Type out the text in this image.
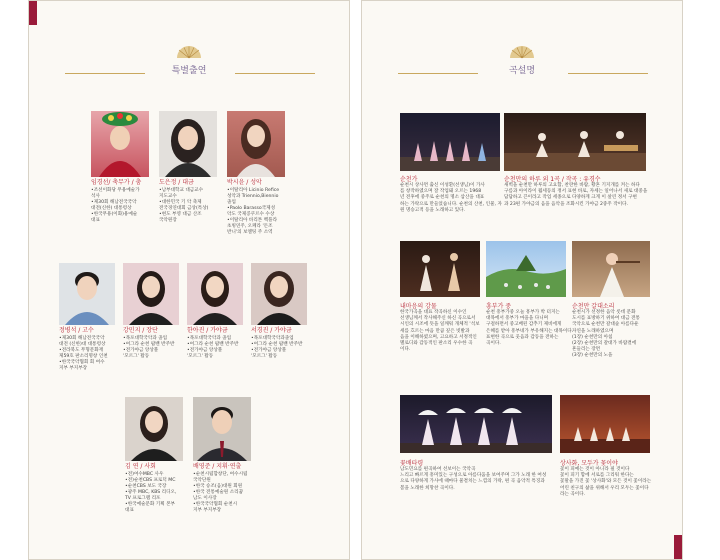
특별출연
임경선/ 축무가 / 춤
•조선이화당 무용예술가
석사
•제30회 해남전국국악
대전(신한) 대통령상
•한국무용(이화)용예술
대표
도은정 / 대금
•남부대학교 대금교수
지도교수
•대한민국 기 악 축제
전국경연대회 금상(특상)
•현도 부영 대금 산조
국악원장
박시윤 / 성악
•이탈리아 Licinio Refice
성악과 Triennio,Biennio
졸업
•Paolo Barasso국제성
악도 국제콩쿠르수 수상
•이탈리아 바리톤 벡플라
초빙연주, 오페라 '돈조
반니'의 보엘팅 주 소역
정병석 / 고수
•제30회 해남전국국악
대전 (신한)대 대통령상
•전라북도 무형문화재
제59호 판소리명창 인천
•한국국악협회 회 여수
지부 부지부장
강민지 / 장단
•목포대학국악과 졸업
•여그라 순천 팝밴 반주반
•전가야금 앙상블
'모르그' 활동
한아진 / 가야금
•목포대학국악과 졸업
•여그라 순천 팝밴 반주반
•전가야금 앙상블
'모르그' 활동
서경진 / 가야금
•목포대학국악과졸업
•여그라 순천 팝밴 반주반
•전가야금 앙상블
'모르그' 활동
김 연 / 사회
•전)여수MBC 사우
•전)순천CBS 프로덕 MC
•순천CBS 보도 국장
•광주 MBC, KBS 리디오,
TV 프로그램 리포
•한국예술문화 기획 본부
대표
배영준 / 지휘·연출
•순천시립합창단, 여수시립
국악단원
•한국 승조(음)대원 회원
•한국 전통예술원 소리꿈
남도 이사장
•한국국악협회 순천시
지부 부지부장
곡설명
순천가
순천시 상사면 출신 이성환(선생님)이 가사
를 창작하였으며 잘 작업돼 오르는 1968
년 전후에 중주로 순천의 명소 삼산을 대표
하는 가락으로 만들었습니다. 순천의 산천, 인물, 자
원 명승고적 등을 노래하고 있다.
순천만의 하루 외 1곡 / 작곡 : 유경수
새벽을 순천만 하루의 고요함, 찬란한 바람, 황혼 기지개를 켜는 하다
구름과 아이라이 월세등의 정서 표현 바로, 자세는 일어나서 새로 대중을
담담하고 끈이라고 작업 세종으로 다양하게 크게 이 살린 정서 구현
과 23편 가야금의 음을 음악을 조화시킨 가야금 2중주 작이다.
내마음의 강물
한국가곡을 대표 작곡하신 이수인
선생님께서 작사해주신 하신 곡으로서
시인의 시조에 뜻을 일깨워 개체적 '석보
세를 흐르는 마음 만큼 깊은 빗발과
음을 이해하였으며, 고요하고 서정적인
멜로디와 감동적인 판소리 우수한 곡
이다.
흥부가 중
순천 흥부가중 오늘 흥부가 박 터지는
대목에서 흥부가 마을을 다니며
구걸하면서 중고배된 감추기 제비에게
은혜를 받아 흥부네가 부유해지는 대목이다.
표현한 곡으로 웃음과 감동을 전하는
곡이다.
순천만 갈대소리
순천시가 선정한 음악 롯데 문화
도시를 표방하기 위하여 대금 전통
국악으로 순천만 갈대숲 아름다운
자연을 노래하였으며
(1장) 순천만의 아침
(2장) 순천만의 갈대가 바람결에
흔들리는 장면
(3장) 순천만의 노을
꽃배타령
남도민요를 편곡하여 선보이는 국악곡
느리고 빠르게 흥미있는 구성으로 아름다움을 보여주며 그가 노래 한 여성
으로 다양하게 가사에 때마다 물결치는 느낌의 가락, 편 곡 음악적 특징과
봄을 노래한 희망찬 곡이다.
상사화, 모두가 꽃이야
꽃이 피예는 것이 아니라 필 것이다
꽃이 피기 함에 서로를 그리워 한다는
꽃말을 가진 꽃 '상사화'와 모든 것이 꽃이라는
어린 친구의 삶을 위해서 우리 모두는 꽃이다
라는 곡이다.
